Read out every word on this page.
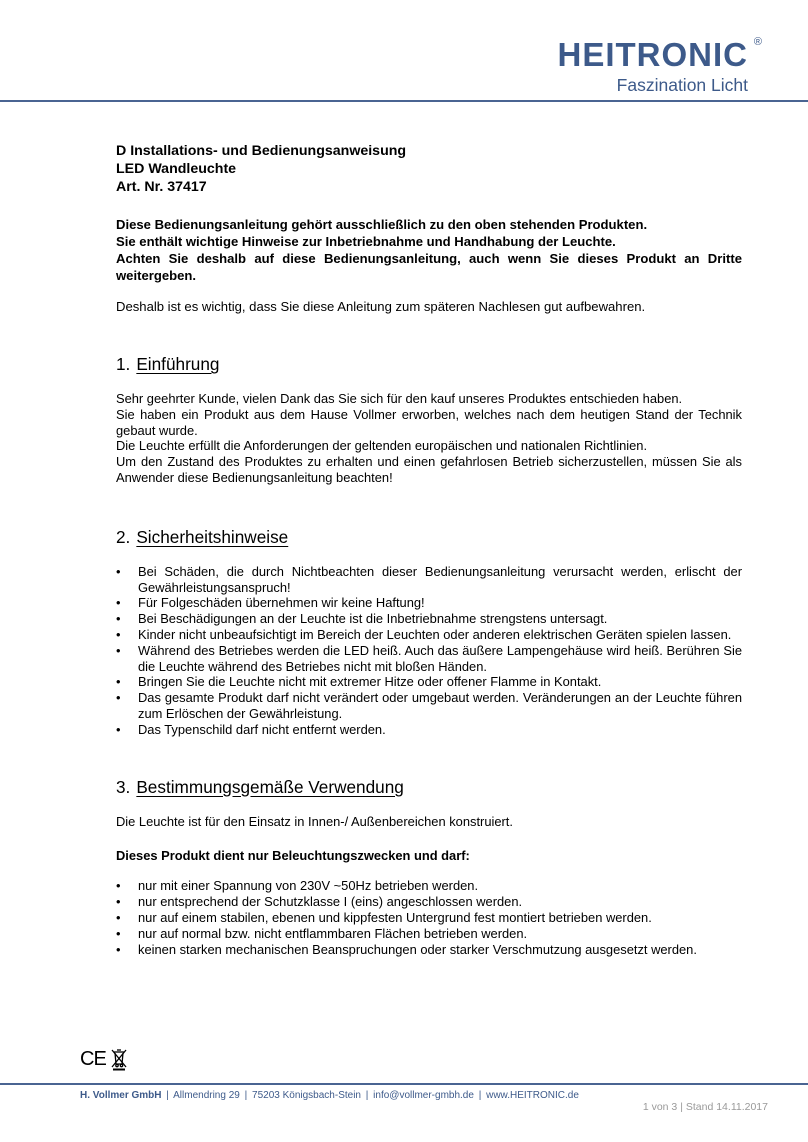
HEITRONIC ®
Faszination Licht
D Installations- und Bedienungsanweisung
LED Wandleuchte
Art. Nr. 37417

Diese Bedienungsanleitung gehört ausschließlich zu den oben stehenden Produkten.

Sie enthält wichtige Hinweise zur Inbetriebnahme und Handhabung der Leuchte.

Achten Sie deshalb auf diese Bedienungsanleitung, auch wenn Sie dieses Produkt an Dritte weitergeben.

Deshalb ist es wichtig, dass Sie diese Anleitung zum späteren Nachlesen gut aufbewahren.
1. Einführung

Sehr geehrter Kunde, vielen Dank das Sie sich für den kauf unseres Produktes entschieden haben.

Sie haben ein Produkt aus dem Hause Vollmer erworben, welches nach dem heutigen Stand der Technik gebaut wurde.

Die Leuchte erfüllt die Anforderungen der geltenden europäischen und nationalen Richtlinien.

Um den Zustand des Produktes zu erhalten und einen gefahrlosen Betrieb sicherzustellen, müssen Sie als Anwender diese Bedienungsanleitung beachten!

2. Sicherheitshinweise
• Bei Schäden, die durch Nichtbeachten dieser Bedienungsanleitung verursacht werden, erlischt der Gewährleistungsanspruch!
• Für Folgeschäden übernehmen wir keine Haftung!
• Bei Beschädigungen an der Leuchte ist die Inbetriebnahme strengstens untersagt.
• Kinder nicht unbeaufsichtigt im Bereich der Leuchten oder anderen elektrischen Geräten spielen lassen.
• Während des Betriebes werden die LED heiß. Auch das äußere Lampengehäuse wird heiß. Berühren Sie die Leuchte während des Betriebes nicht mit bloßen Händen.
• Bringen Sie die Leuchte nicht mit extremer Hitze oder offener Flamme in Kontakt.
• Das gesamte Produkt darf nicht verändert oder umgebaut werden. Veränderungen an der Leuchte führen zum Erlöschen der Gewährleistung.
• Das Typenschild darf nicht entfernt werden.
3. Bestimmungsgemäße Verwendung
Die Leuchte ist für den Einsatz in Innen-/ Außenbereichen konstruiert.
Dieses Produkt dient nur Beleuchtungszwecken und darf:
• nur mit einer Spannung von 230V ~50Hz betrieben werden.
• nur entsprechend der Schutzklasse I (eins) angeschlossen werden.
• nur auf einem stabilen, ebenen und kippfesten Untergrund fest montiert betrieben werden.
• nur auf normal bzw. nicht entflammbaren Flächen betrieben werden.
• keinen starken mechanischen Beanspruchungen oder starker Verschmutzung ausgesetzt werden.
CE
H. Vollmer GmbH | Allmendring 29 | 75203 Königsbach-Stein | info@vollmer-gmbh.de | www.HEITRONIC.de
1 von 3 | Stand 14.11.2017
